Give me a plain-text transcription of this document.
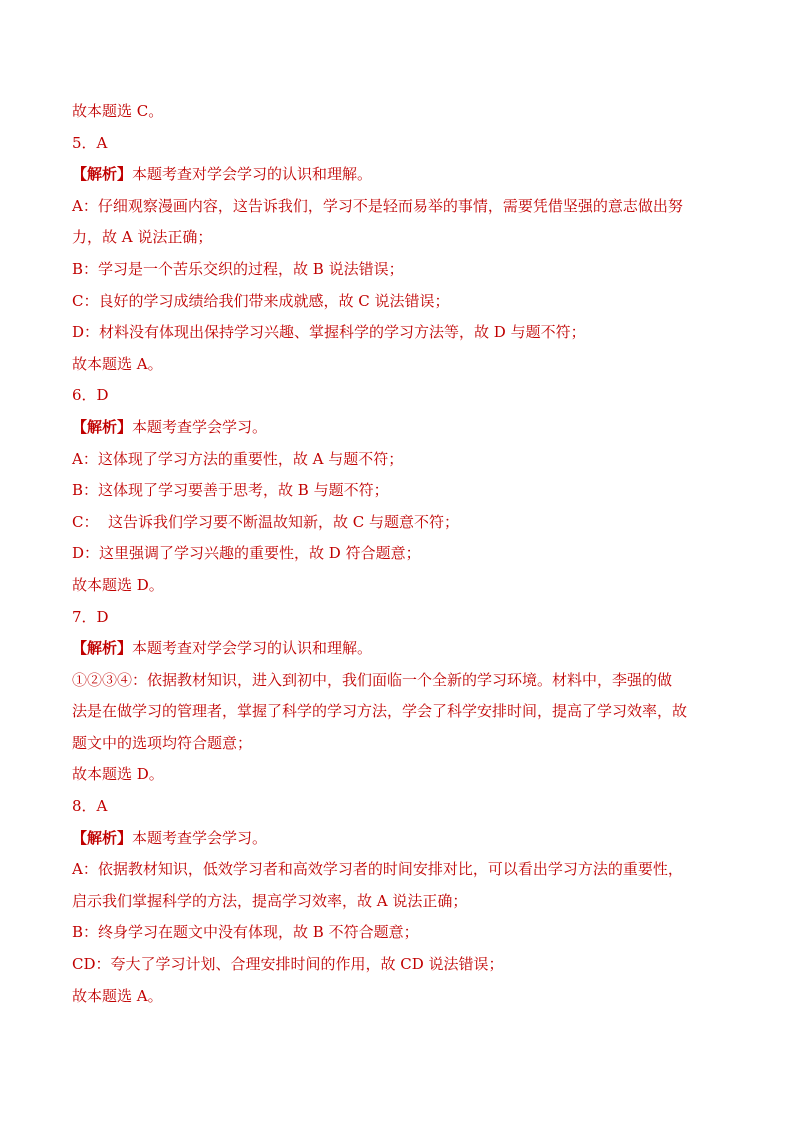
故本题选 C。
5．A
【解析】本题考查对学会学习的认识和理解。
A：仔细观察漫画内容，这告诉我们，学习不是轻而易举的事情，需要凭借坚强的意志做出努
力，故 A 说法正确；
B：学习是一个苦乐交织的过程，故 B 说法错误；
C：良好的学习成绩给我们带来成就感，故 C 说法错误；
D：材料没有体现出保持学习兴趣、掌握科学的学习方法等，故 D 与题不符；
故本题选 A。
6．D
【解析】本题考查学会学习。
A：这体现了学习方法的重要性，故 A 与题不符；
B：这体现了学习要善于思考，故 B 与题不符；
C：  这告诉我们学习要不断温故知新，故 C 与题意不符；
D：这里强调了学习兴趣的重要性，故 D 符合题意；
故本题选 D。
7．D
【解析】本题考查对学会学习的认识和理解。
①②③④：依据教材知识，进入到初中，我们面临一个全新的学习环境。材料中，李强的做
法是在做学习的管理者，掌握了科学的学习方法，学会了科学安排时间，提高了学习效率，故
题文中的选项均符合题意；
故本题选 D。
8．A
【解析】本题考查学会学习。
A：依据教材知识，低效学习者和高效学习者的时间安排对比，可以看出学习方法的重要性，
启示我们掌握科学的方法，提高学习效率，故 A 说法正确；
B：终身学习在题文中没有体现，故 B 不符合题意；
CD：夸大了学习计划、合理安排时间的作用，故 CD 说法错误；
故本题选 A。
